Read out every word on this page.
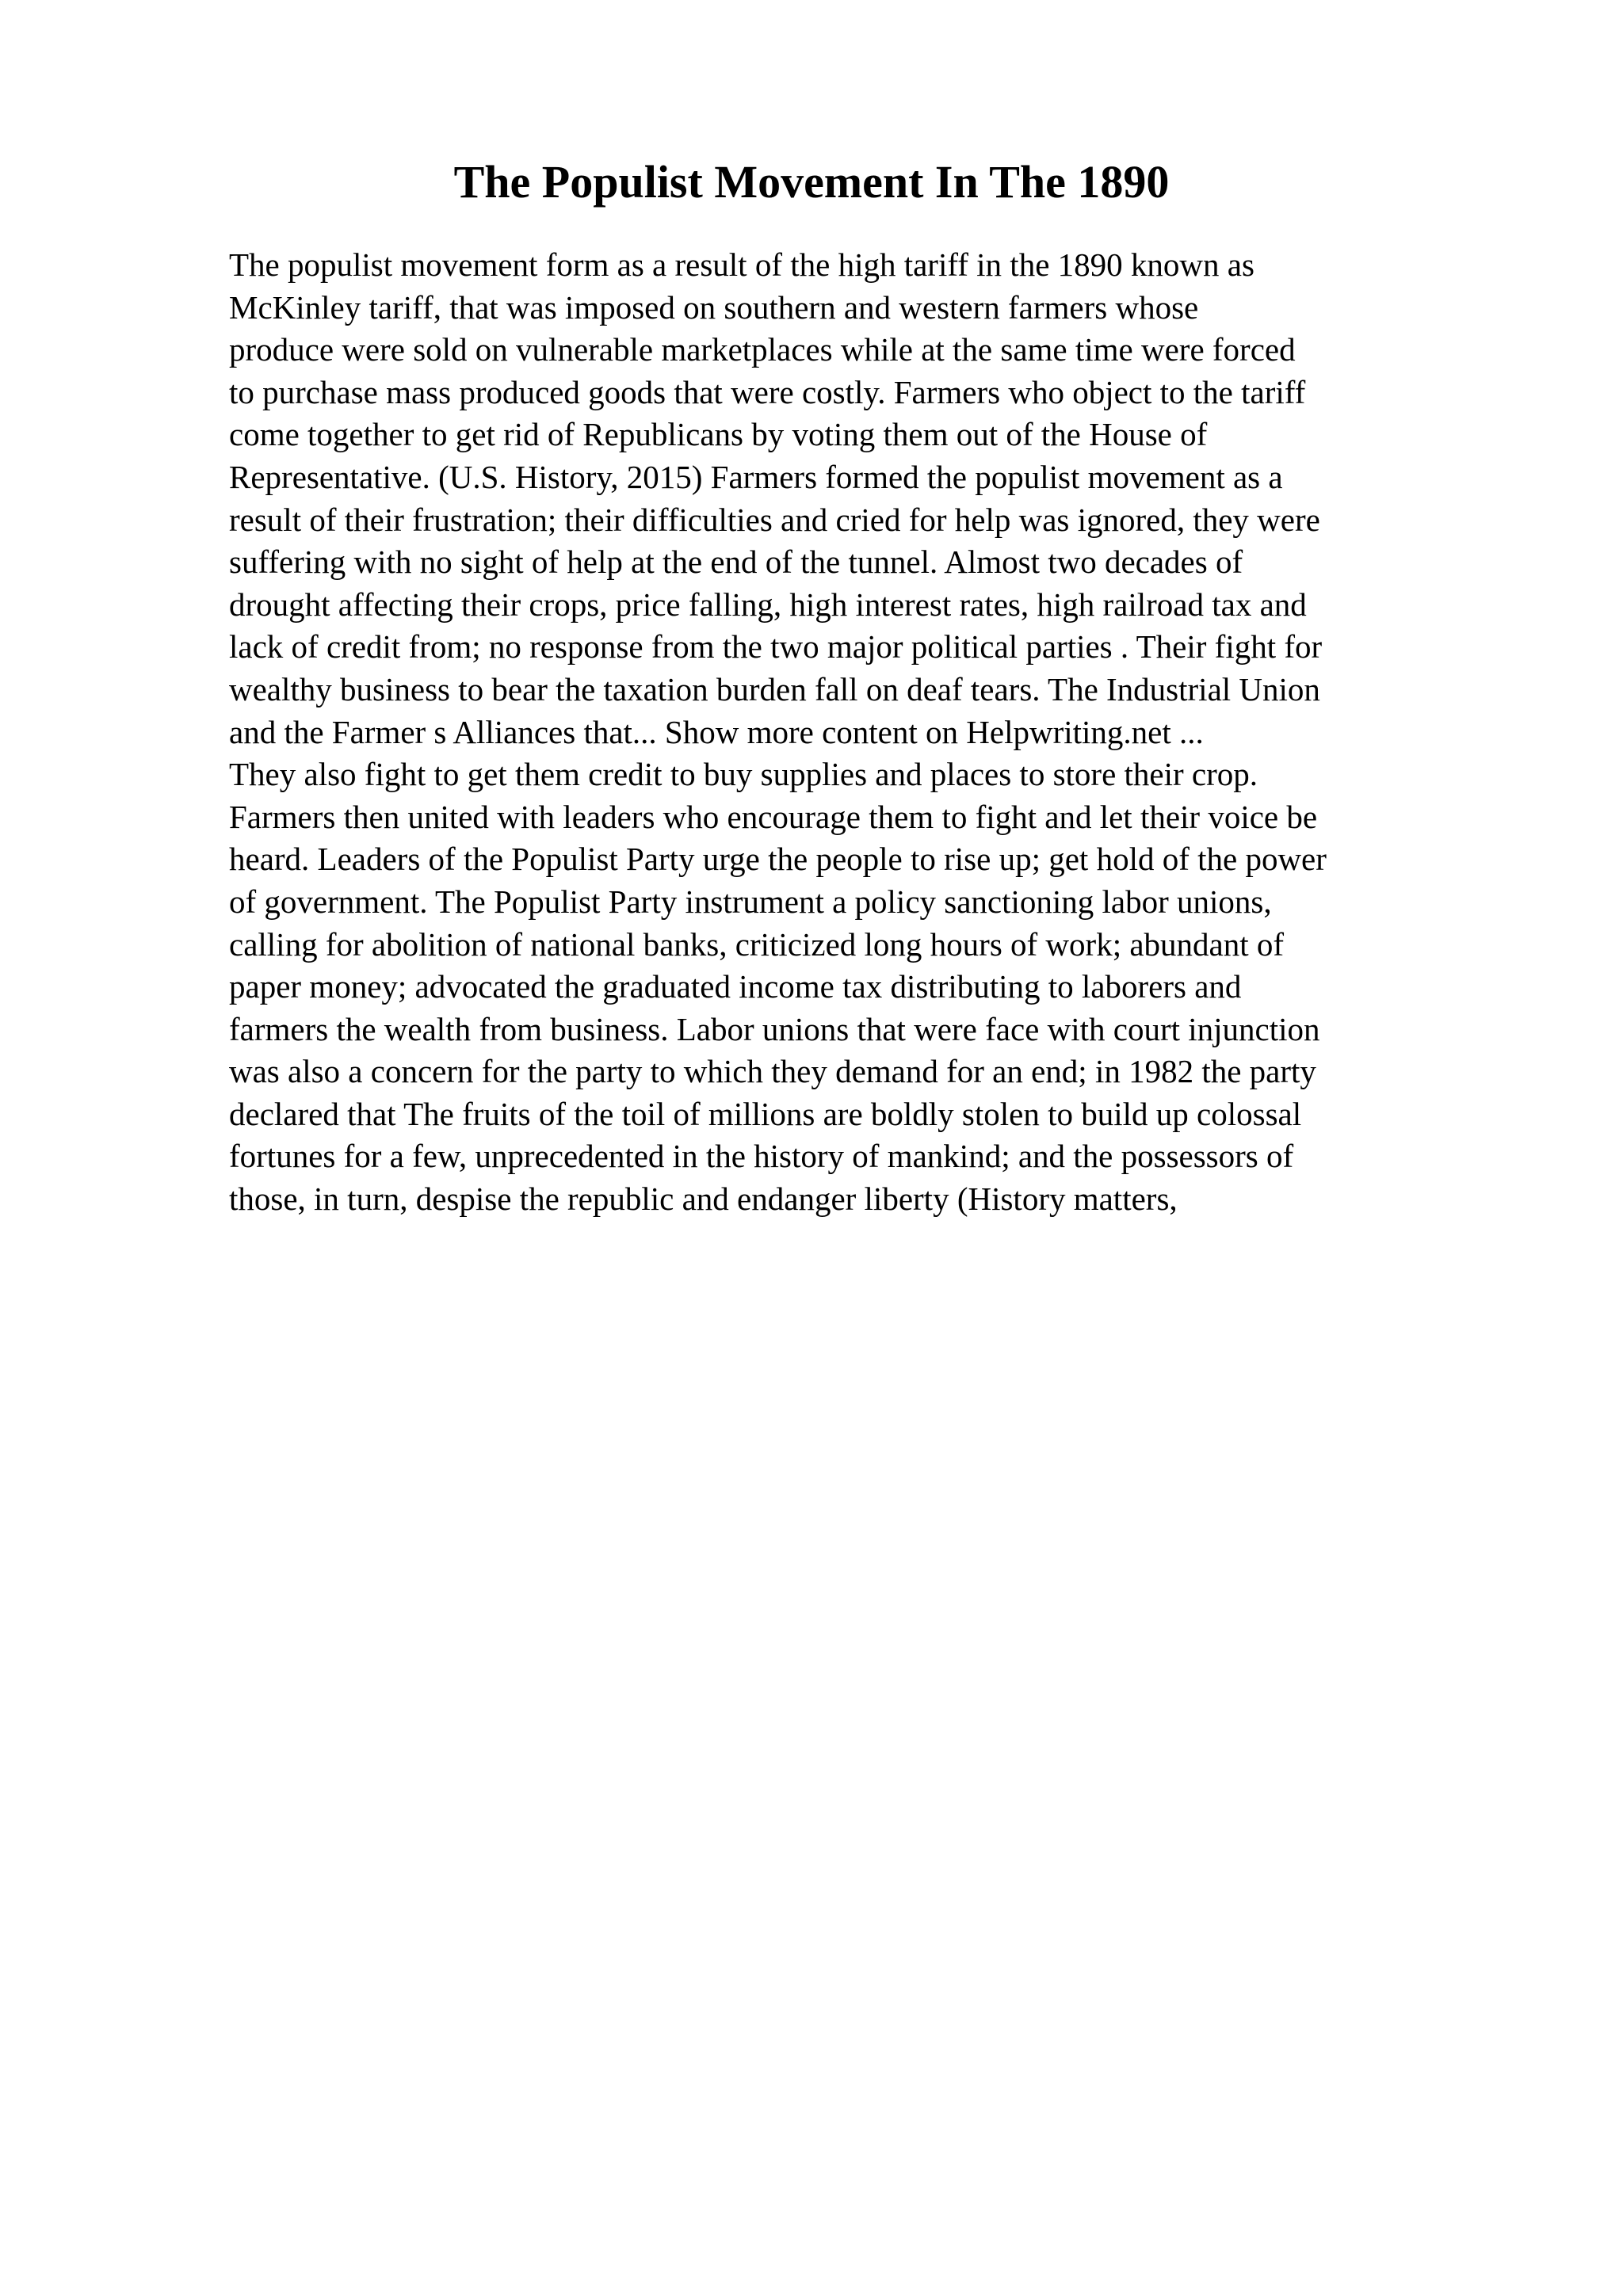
The Populist Movement In The 1890
The populist movement form as a result of the high tariff in the 1890 known as
McKinley tariff, that was imposed on southern and western farmers whose
produce were sold on vulnerable marketplaces while at the same time were forced
to purchase mass produced goods that were costly. Farmers who object to the tariff
come together to get rid of Republicans by voting them out of the House of
Representative. (U.S. History, 2015) Farmers formed the populist movement as a
result of their frustration; their difficulties and cried for help was ignored, they were
suffering with no sight of help at the end of the tunnel. Almost two decades of
drought affecting their crops, price falling, high interest rates, high railroad tax and
lack of credit from; no response from the two major political parties . Their fight for
wealthy business to bear the taxation burden fall on deaf tears. The Industrial Union
and the Farmer s Alliances that... Show more content on Helpwriting.net ...
They also fight to get them credit to buy supplies and places to store their crop.
Farmers then united with leaders who encourage them to fight and let their voice be
heard. Leaders of the Populist Party urge the people to rise up; get hold of the power
of government. The Populist Party instrument a policy sanctioning labor unions,
calling for abolition of national banks, criticized long hours of work; abundant of
paper money; advocated the graduated income tax distributing to laborers and
farmers the wealth from business. Labor unions that were face with court injunction
was also a concern for the party to which they demand for an end; in 1982 the party
declared that The fruits of the toil of millions are boldly stolen to build up colossal
fortunes for a few, unprecedented in the history of mankind; and the possessors of
those, in turn, despise the republic and endanger liberty (History matters,
